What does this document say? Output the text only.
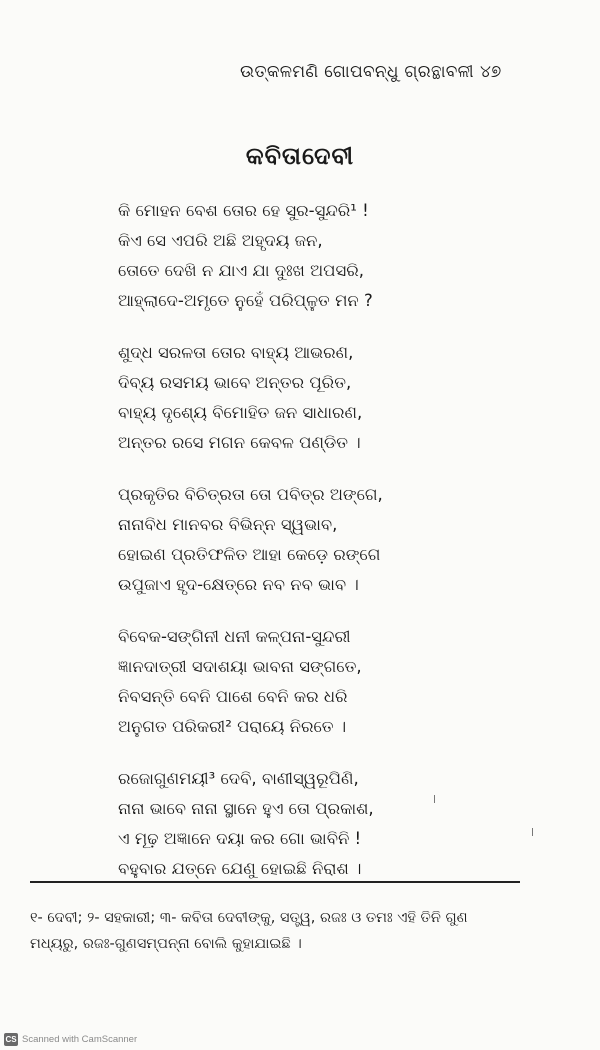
ଉତ୍କଳମଣି ଗୋପବନ୍ଧୁ ଗ୍ରନ୍ଥାବଳୀ ୪୭
କବିତାଦେବୀ
କି ମୋହନ ବେଶ ତୋର ହେ ସୁର-ସୁନ୍ଦରି¹ !
କିଏ ସେ ଏପରି ଅଛି ଅହୃଦୟ ଜନ,
ତୋତେ ଦେଖି ନ ଯାଏ ଯା ଦୁଃଖ ଅପସରି,
ଆହ୍ଲାଦେ-ଅମୃତେ ନୁହେଁ ପରିପ୍ଳୁତ ମନ ?
ଶୁଦ୍ଧ ସରଳତା ତୋର ବାହ୍ୟ ଆଭରଣ,
ଦିବ୍ୟ ରସମୟ ଭାବେ ଅନ୍ତର ପୂରିତ,
ବାହ୍ୟ ଦୃଶ୍ୟେ ବିମୋହିତ ଜନ ସାଧାରଣ,
ଅନ୍ତର ରସେ ମଗନ କେବଳ ପଣ୍ଡିତ ।
ପ୍ରକୃତିର ବିଚିତ୍ରତା ତୋ ପବିତ୍ର ଅଙ୍ଗେ,
ନାନାବିଧ ମାନବର ବିଭିନ୍ନ ସ୍ୱଭାବ,
ହୋଇଣ ପ୍ରତିଫଳିତ ଆହା କେଡ଼େ ରଙ୍ଗେ
ଉପୁଜାଏ ହୃଦ-କ୍ଷେତ୍ରେ ନବ ନବ ଭାବ ।
ବିବେକ-ସଙ୍ଗିନୀ ଧନୀ କଳ୍ପନା-ସୁନ୍ଦରୀ
ଜ୍ଞାନଦାତ୍ରୀ ସଦାଶୟା ଭାବନା ସଙ୍ଗତେ,
ନିବସନ୍ତି ବେନି ପାଶେ ବେନି କର ଧରି
ଅନୁଗତ ପରିକରୀ² ପରାୟେ ନିରତେ ।
ରଜୋଗୁଣମୟୀ³ ଦେବି, ବାଣୀସ୍ୱରୂପିଣି,
ନାନା ଭାବେ ନାନା ସ୍ଥାନେ ହୁଏ ତୋ ପ୍ରକାଶ,
ଏ ମୂଢ଼ ଅଜ୍ଞାନେ ଦୟା କର ଗୋ ଭାବିନି !
ବହୁବାର ଯତ୍ନେ ଯେଣୁ ହୋଇଛି ନିରାଶ ।
୧- ଦେବୀ; ୨- ସହକାରୀ; ୩- କବିତା ଦେବୀଙ୍କୁ, ସତ୍ତ୍ୱ, ରଜଃ ଓ ତମଃ ଏହି ତିନି ଗୁଣ
ମଧ୍ୟରୁ, ରଜଃ-ଗୁଣସମ୍ପନ୍ନା ବୋଲି କୁହାଯାଇଛି ।
CS Scanned with CamScanner
